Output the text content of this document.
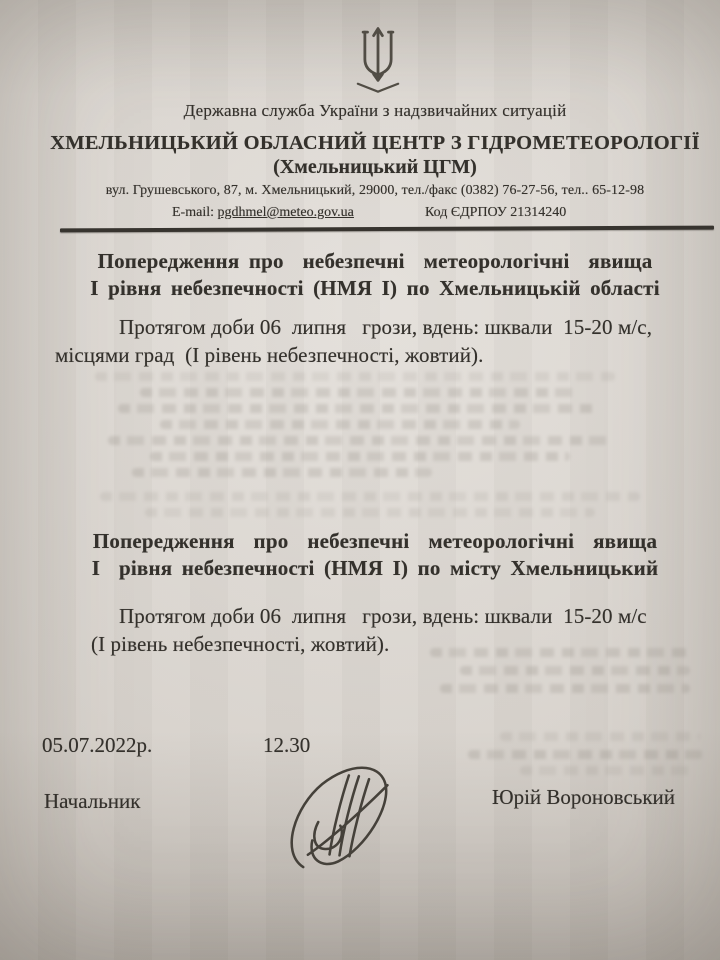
Державна служба України з надзвичайних ситуацій
ХМЕЛЬНИЦЬКИЙ ОБЛАСНИЙ ЦЕНТР З ГІДРОМЕТЕОРОЛОГІЇ
(Хмельницький ЦГМ)
вул. Грушевського, 87, м. Хмельницький, 29000, тел./факс (0382) 76-27-56, тел.. 65-12-98
E-mail: pgdhmel@meteo.gov.ua	Код ЄДРПОУ 21314240
Попередження про  небезпечні  метеорологічні  явища
І рівня небезпечності (НМЯ І) по Хмельницькій області
Протягом доби 06  липня   грози, вдень: шквали  15-20 м/с,
місцями град  (І рівень небезпечності, жовтий).
Попередження  про  небезпечні  метеорологічні  явища
І  рівня небезпечності (НМЯ І) по місту Хмельницький
Протягом доби 06  липня   грози, вдень: шквали  15-20 м/с
(І рівень небезпечності, жовтий).
05.07.2022р.	12.30
Начальник	Юрій Вороновський
